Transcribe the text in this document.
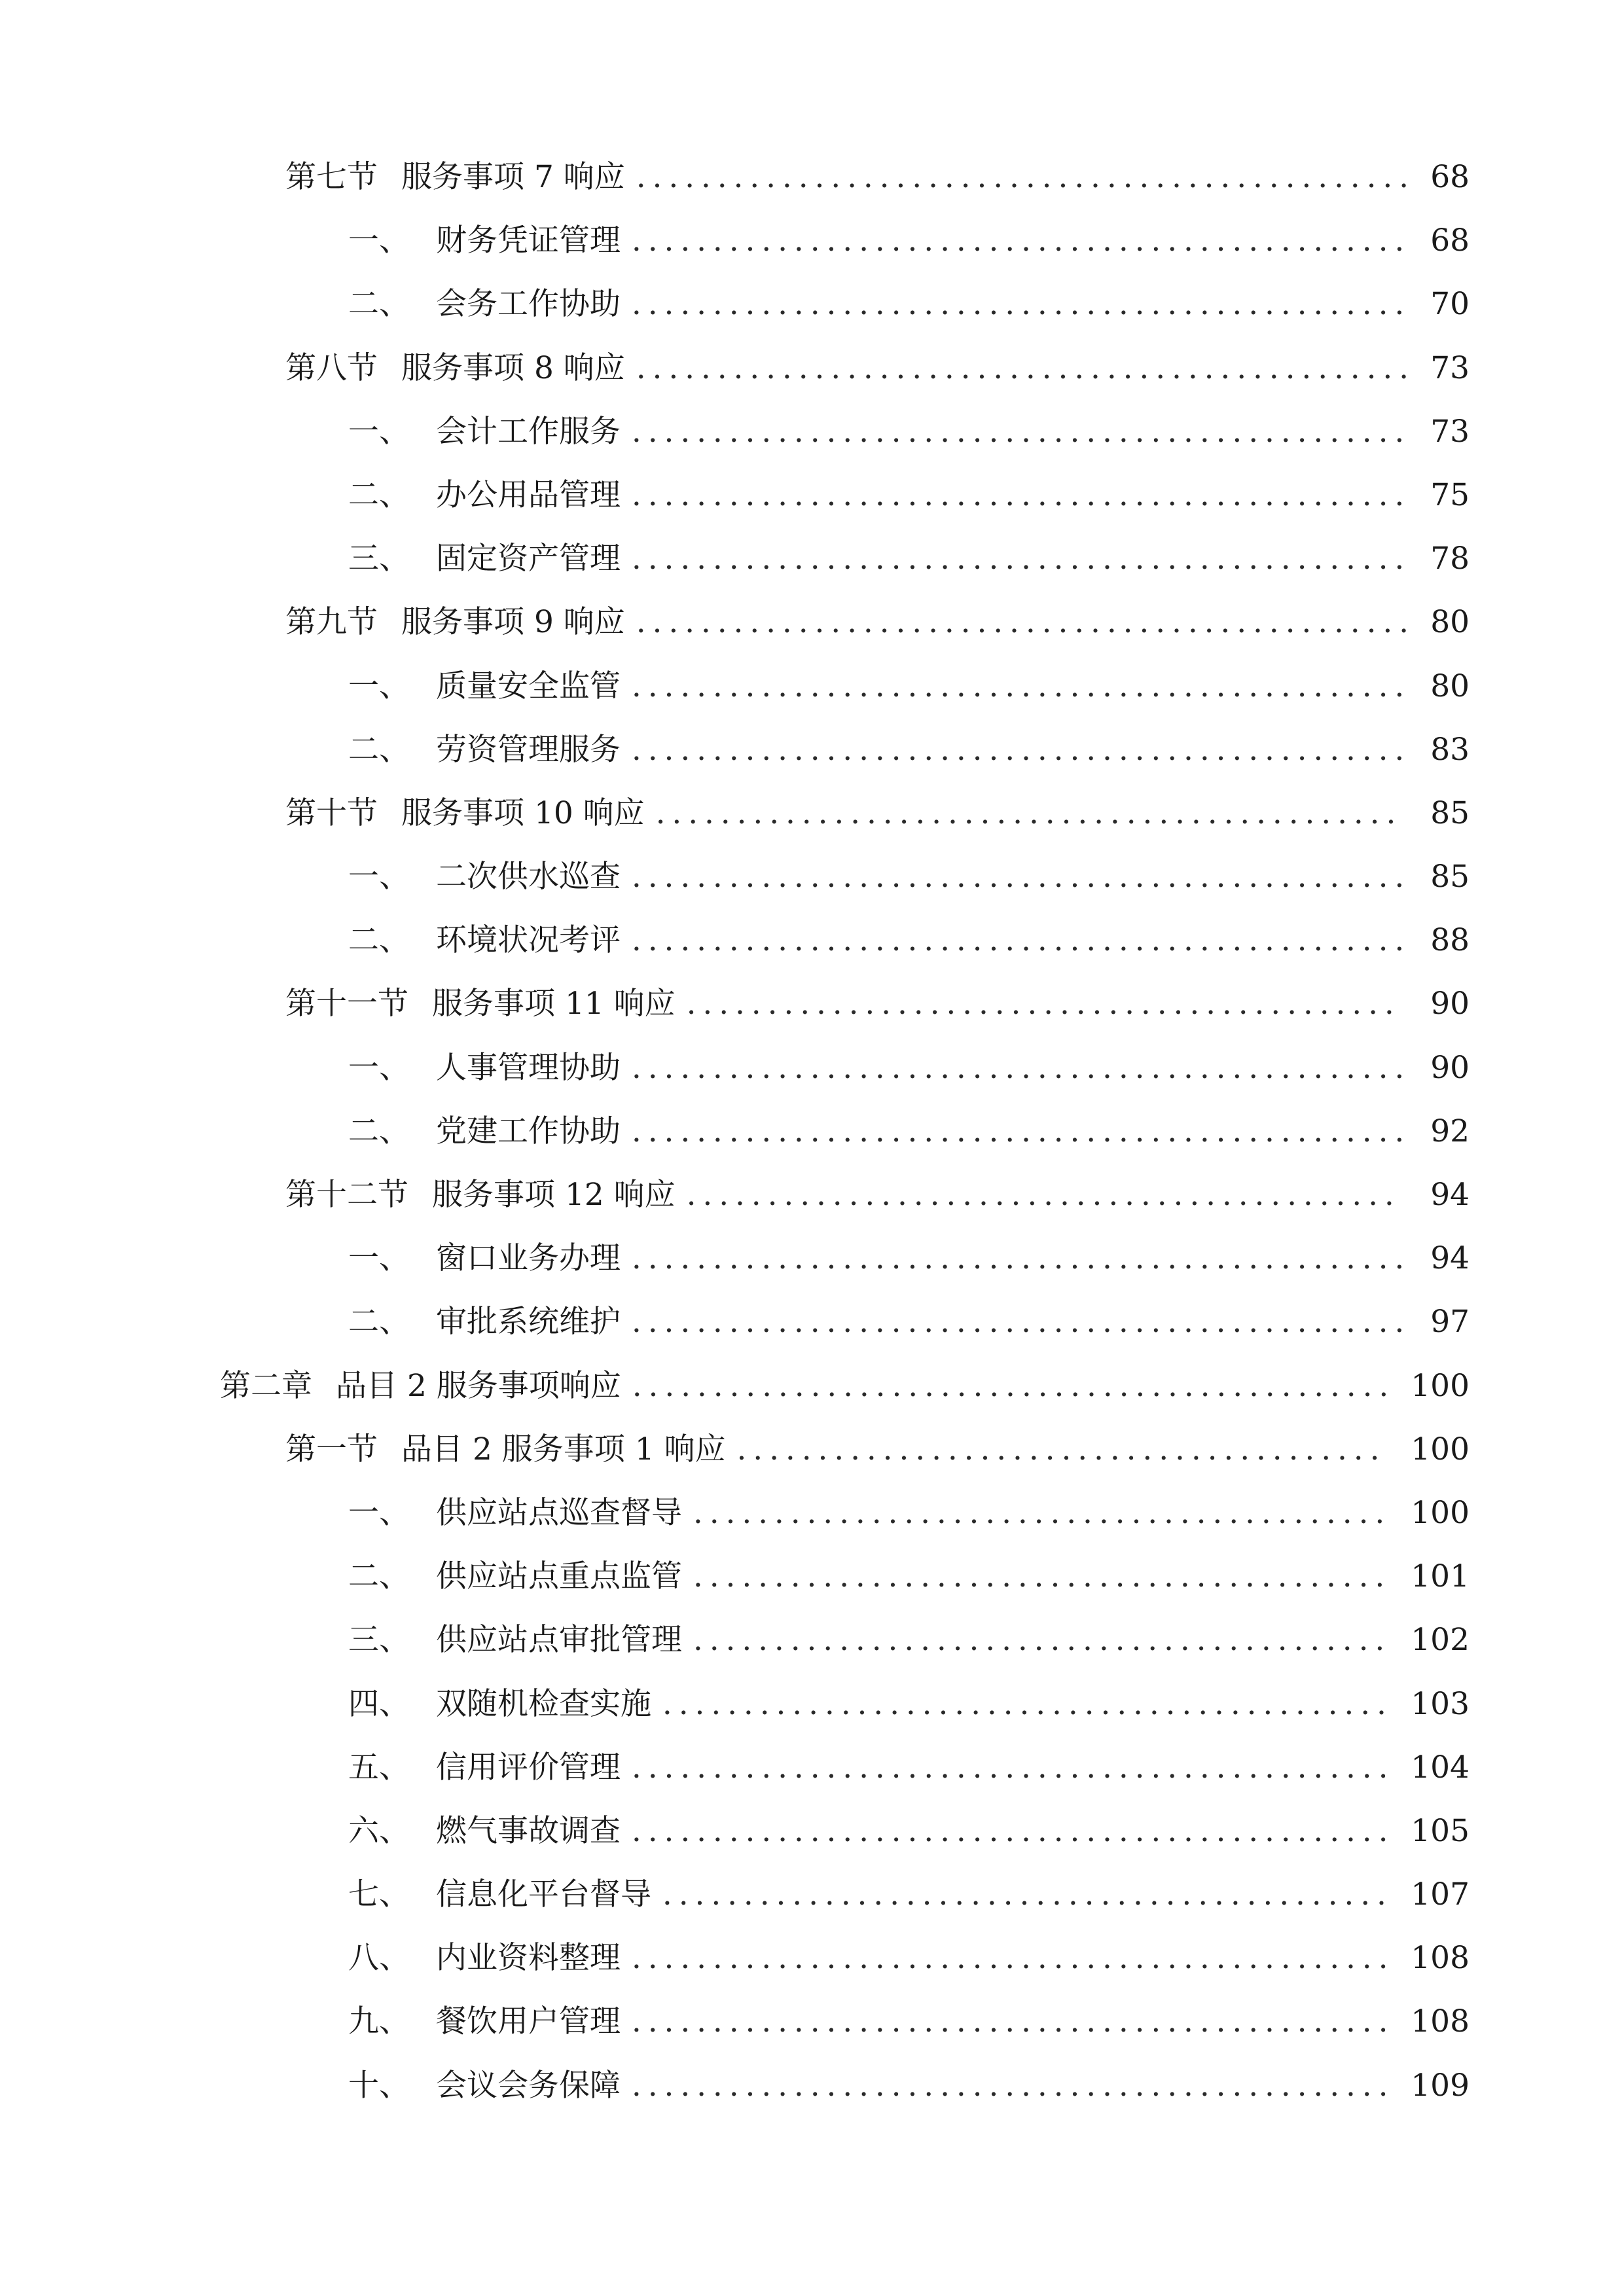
第七节 服务事项 7 响应 . . . . . . . . . . . . . . . . . . . . . . . . . . . . . . . . . . . . . . . . . . . . . . . . 68
一、 财务凭证管理 . . . . . . . . . . . . . . . . . . . . . . . . . . . . . . . . . . . . . . . . . . . . . . . . 68
二、 会务工作协助 . . . . . . . . . . . . . . . . . . . . . . . . . . . . . . . . . . . . . . . . . . . . . . . . 70
第八节 服务事项 8 响应 . . . . . . . . . . . . . . . . . . . . . . . . . . . . . . . . . . . . . . . . . . . . . . . . 73
一、 会计工作服务 . . . . . . . . . . . . . . . . . . . . . . . . . . . . . . . . . . . . . . . . . . . . . . . . 73
二、 办公用品管理 . . . . . . . . . . . . . . . . . . . . . . . . . . . . . . . . . . . . . . . . . . . . . . . . 75
三、 固定资产管理 . . . . . . . . . . . . . . . . . . . . . . . . . . . . . . . . . . . . . . . . . . . . . . . . 78
第九节 服务事项 9 响应 . . . . . . . . . . . . . . . . . . . . . . . . . . . . . . . . . . . . . . . . . . . . . . . . 80
一、 质量安全监管 . . . . . . . . . . . . . . . . . . . . . . . . . . . . . . . . . . . . . . . . . . . . . . . . 80
二、 劳资管理服务 . . . . . . . . . . . . . . . . . . . . . . . . . . . . . . . . . . . . . . . . . . . . . . . . 83
第十节 服务事项 10 响应 . . . . . . . . . . . . . . . . . . . . . . . . . . . . . . . . . . . . . . . . . . . . . .	85
一、 二次供水巡查 . . . . . . . . . . . . . . . . . . . . . . . . . . . . . . . . . . . . . . . . . . . . . . . . 85
二、 环境状况考评 . . . . . . . . . . . . . . . . . . . . . . . . . . . . . . . . . . . . . . . . . . . . . . . . 88
第十一节 服务事项 11 响应 . . . . . . . . . . . . . . . . . . . . . . . . . . . . . . . . . . . . . . . . . . . .	90
一、 人事管理协助 . . . . . . . . . . . . . . . . . . . . . . . . . . . . . . . . . . . . . . . . . . . . . . . . 90
二、 党建工作协助 . . . . . . . . . . . . . . . . . . . . . . . . . . . . . . . . . . . . . . . . . . . . . . . . 92
第十二节 服务事项 12 响应 . . . . . . . . . . . . . . . . . . . . . . . . . . . . . . . . . . . . . . . . . . . .	94
一、 窗口业务办理 . . . . . . . . . . . . . . . . . . . . . . . . . . . . . . . . . . . . . . . . . . . . . . . . 94
二、 审批系统维护 . . . . . . . . . . . . . . . . . . . . . . . . . . . . . . . . . . . . . . . . . . . . . . . . 97
第二章 品目 2 服务事项响应 . . . . . . . . . . . . . . . . . . . . . . . . . . . . . . . . . . . . . . . . . . . . . . . 100
第一节 品目 2 服务事项 1 响应 . . . . . . . . . . . . . . . . . . . . . . . . . . . . . . . . . . . . . . . .	100
一、 供应站点巡查督导 . . . . . . . . . . . . . . . . . . . . . . . . . . . . . . . . . . . . . . . . . . . 100
二、 供应站点重点监管 . . . . . . . . . . . . . . . . . . . . . . . . . . . . . . . . . . . . . . . . . . . 101
三、 供应站点审批管理 . . . . . . . . . . . . . . . . . . . . . . . . . . . . . . . . . . . . . . . . . . . 102
四、 双随机检查实施 . . . . . . . . . . . . . . . . . . . . . . . . . . . . . . . . . . . . . . . . . . . . . 103
五、 信用评价管理 . . . . . . . . . . . . . . . . . . . . . . . . . . . . . . . . . . . . . . . . . . . . . . . 104
六、 燃气事故调查 . . . . . . . . . . . . . . . . . . . . . . . . . . . . . . . . . . . . . . . . . . . . . . . 105
七、 信息化平台督导 . . . . . . . . . . . . . . . . . . . . . . . . . . . . . . . . . . . . . . . . . . . . . 107
八、 内业资料整理 . . . . . . . . . . . . . . . . . . . . . . . . . . . . . . . . . . . . . . . . . . . . . . . 108
九、 餐饮用户管理 . . . . . . . . . . . . . . . . . . . . . . . . . . . . . . . . . . . . . . . . . . . . . . . 108
十、 会议会务保障 . . . . . . . . . . . . . . . . . . . . . . . . . . . . . . . . . . . . . . . . . . . . . . . 109
